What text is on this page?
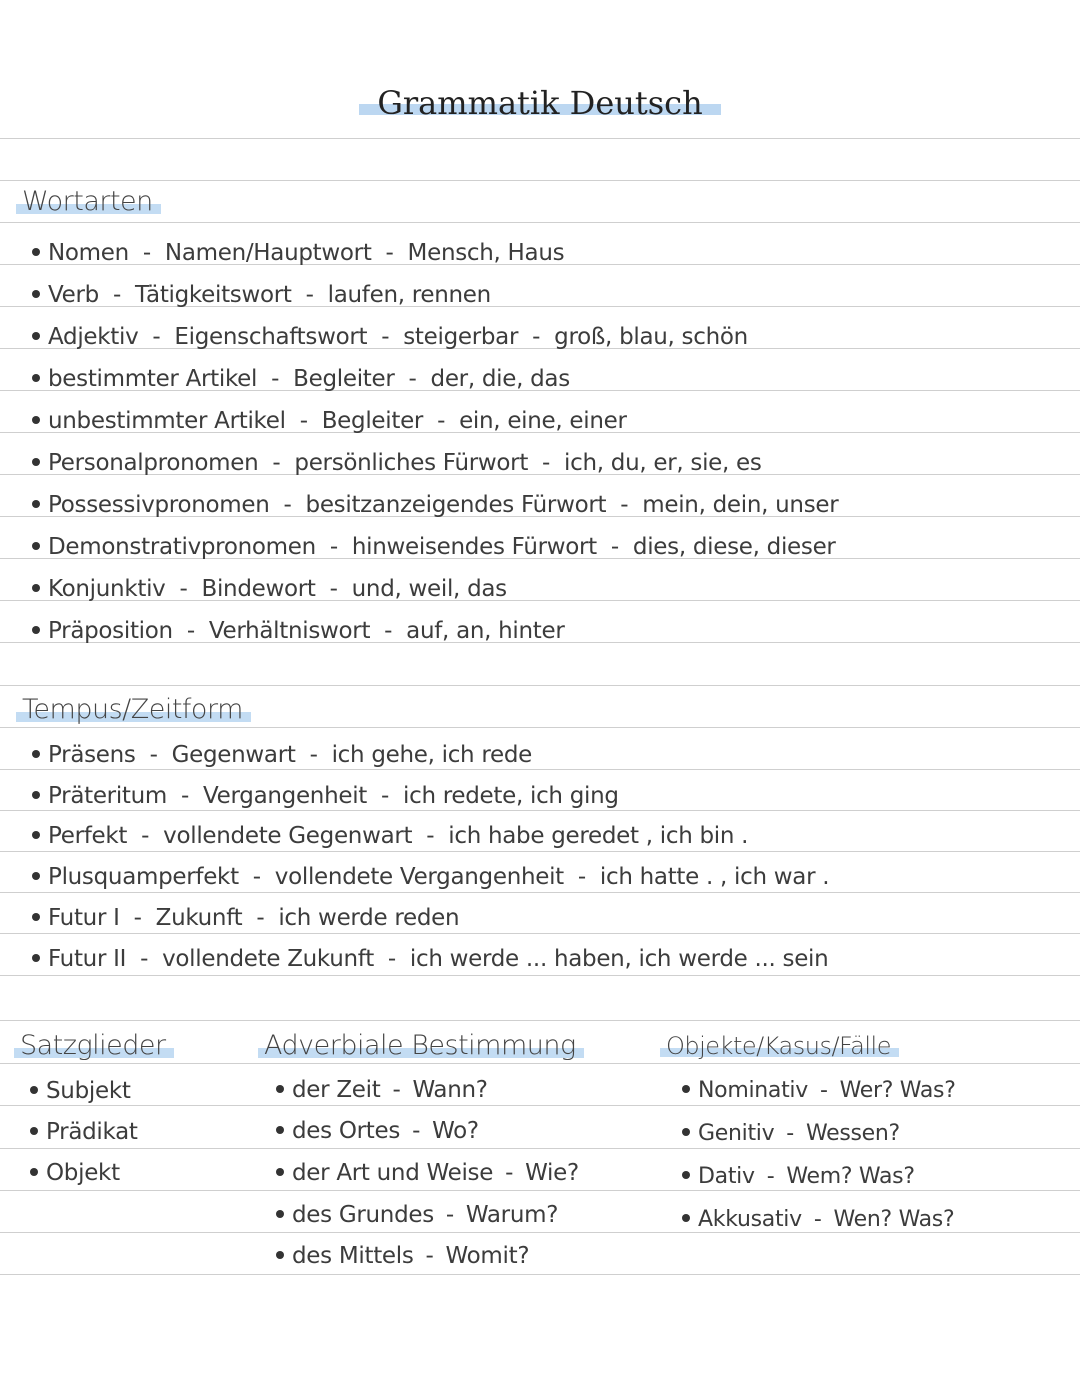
Grammatik Deutsch
Wortarten
Nomen - Namen/Hauptwort - Mensch, Haus
Verb - Tätigkeitswort - laufen, rennen
Adjektiv - Eigenschaftswort - steigerbar - groß, blau, schön
bestimmter Artikel - Begleiter - der, die, das
unbestimmter Artikel - Begleiter - ein, eine, einer
Personalpronomen - persönliches Fürwort - ich, du, er, sie, es
Possessivpronomen - besitzanzeigendes Fürwort - mein, dein, unser
Demonstrativpronomen - hinweisendes Fürwort - dies, diese, dieser
Konjunktiv - Bindewort - und, weil, das
Präposition - Verhältniswort - auf, an, hinter
Tempus/Zeitform
Präsens - Gegenwart - ich gehe, ich rede
Präteritum - Vergangenheit - ich redete, ich ging
Perfekt - vollendete Gegenwart - ich habe geredet , ich bin .
Plusquamperfekt - vollendete Vergangenheit - ich hatte . , ich war .
Futur I - Zukunft - ich werde reden
Futur II - vollendete Zukunft - ich werde ... haben, ich werde ... sein
Satzglieder
Subjekt
Prädikat
Objekt
Adverbiale Bestimmung
der Zeit - Wann?
des Ortes - Wo?
der Art und Weise - Wie?
des Grundes - Warum?
des Mittels - Womit?
Objekte/Kasus/Fälle
Nominativ - Wer? Was?
Genitiv - Wessen?
Dativ - Wem? Was?
Akkusativ - Wen? Was?
